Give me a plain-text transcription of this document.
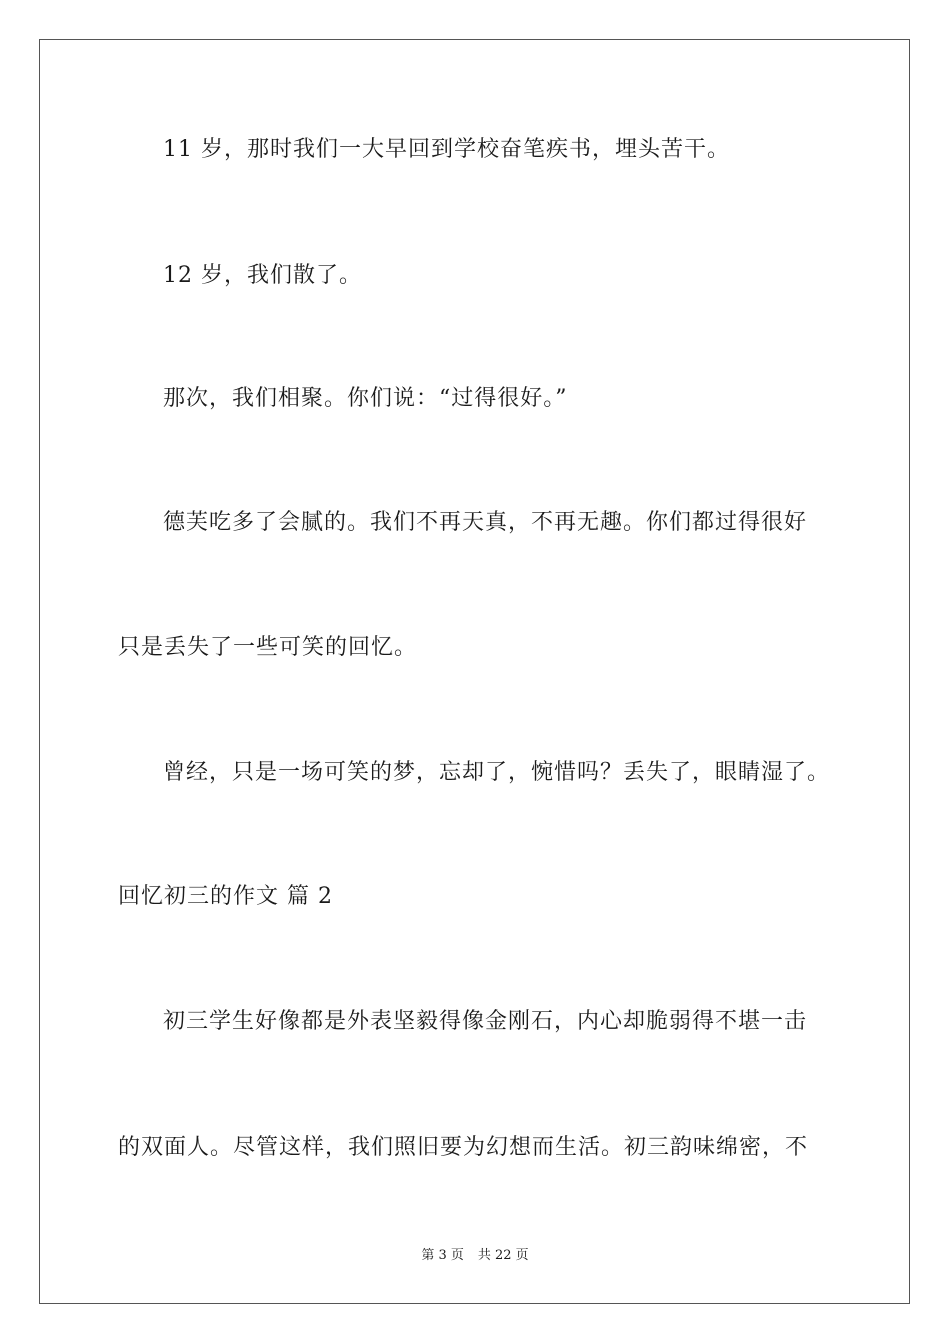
11 岁，那时我们一大早回到学校奋笔疾书，埋头苦干。
12 岁，我们散了。
那次，我们相聚。你们说：“过得很好。”
德芙吃多了会腻的。我们不再天真，不再无趣。你们都过得很好
只是丢失了一些可笑的回忆。
曾经，只是一场可笑的梦，忘却了，惋惜吗？丢失了，眼睛湿了。
回忆初三的作文 篇 2
初三学生好像都是外表坚毅得像金刚石，内心却脆弱得不堪一击
的双面人。尽管这样，我们照旧要为幻想而生活。初三韵味绵密，不
第 3 页 共 22 页
